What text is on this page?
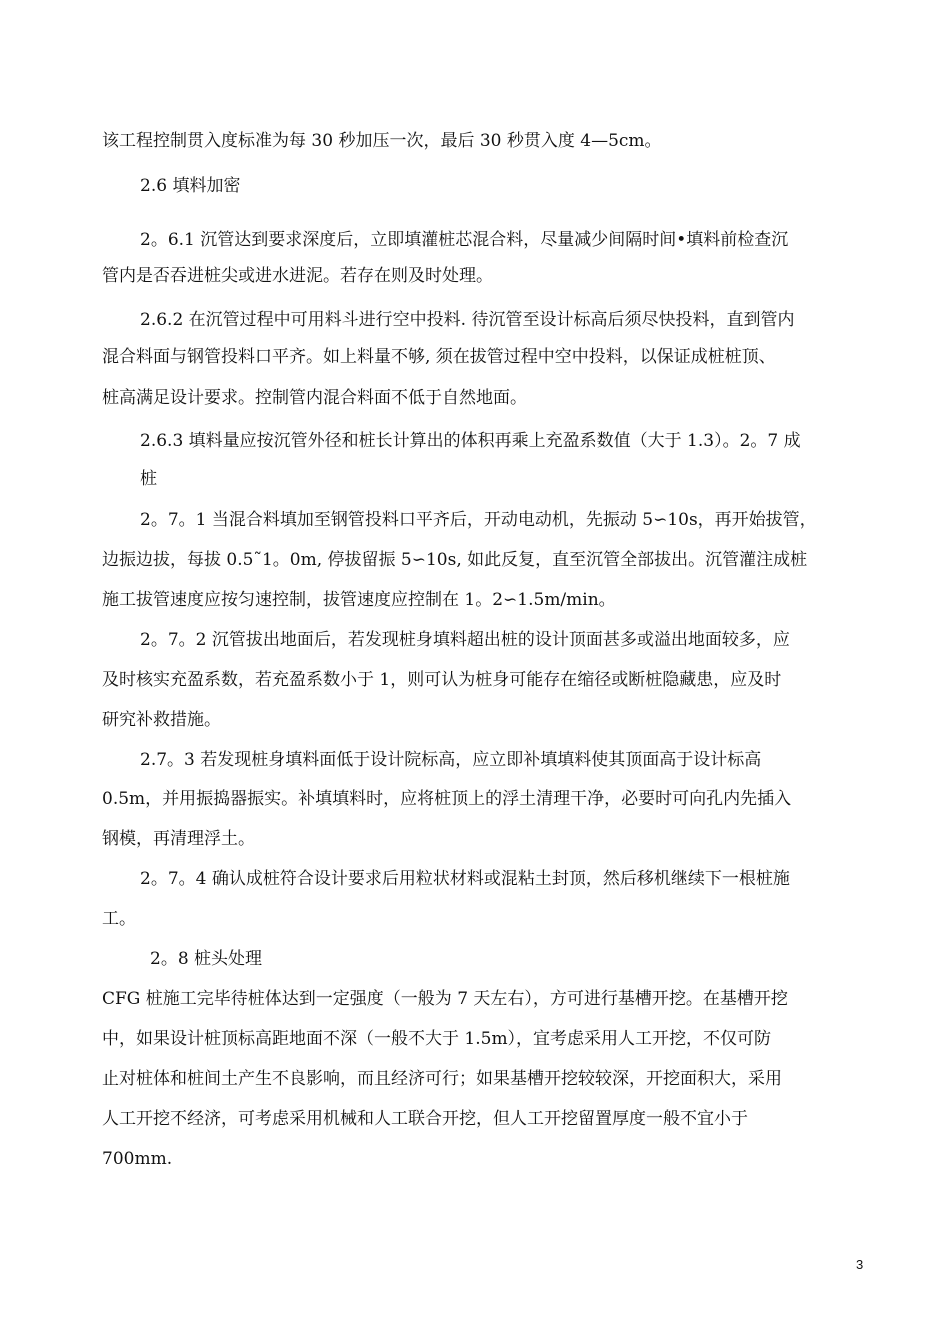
该工程控制贯入度标准为每 30 秒加压一次，最后 30 秒贯入度 4—5cm。

2.6 填料加密

2。6.1 沉管达到要求深度后，立即填灌桩芯混合料，尽量减少间隔时间•填料前检查沉

管内是否吞进桩尖或进水进泥。若存在则及时处理。

2.6.2 在沉管过程中可用料斗进行空中投料. 待沉管至设计标高后须尽快投料，直到管内

混合料面与钢管投料口平齐。如上料量不够, 须在拔管过程中空中投料，以保证成桩桩顶、

桩高满足设计要求。控制管内混合料面不低于自然地面。

2.6.3 填料量应按沉管外径和桩长计算出的体积再乘上充盈系数值（大于 1.3）。2。7 成

桩

2。7。1 当混合料填加至钢管投料口平齐后，开动电动机，先振动 5∽10s，再开始拔管，

边振边拔，每拔 0.5˜1。0m, 停拔留振 5∽10s, 如此反复，直至沉管全部拔出。沉管灌注成桩

施工拔管速度应按匀速控制，拔管速度应控制在 1。2∽1.5m/min。

2。7。2 沉管拔出地面后，若发现桩身填料超出桩的设计顶面甚多或溢出地面较多，应

及时核实充盈系数，若充盈系数小于 1，则可认为桩身可能存在缩径或断桩隐藏患，应及时

研究补救措施。

2.7。3 若发现桩身填料面低于设计院标高，应立即补填填料使其顶面高于设计标高

0.5m，并用振捣器振实。补填填料时，应将桩顶上的浮土清理干净，必要时可向孔内先插入

钢模，再清理浮土。

2。7。4 确认成桩符合设计要求后用粒状材料或混粘土封顶，然后移机继续下一根桩施

工。

2。8 桩头处理

CFG 桩施工完毕待桩体达到一定强度（一般为 7 天左右），方可进行基槽开挖。在基槽开挖

中，如果设计桩顶标高距地面不深（一般不大于 1.5m），宜考虑采用人工开挖，不仅可防

止对桩体和桩间土产生不良影响，而且经济可行；如果基槽开挖较较深，开挖面积大，采用

人工开挖不经济，可考虑采用机械和人工联合开挖，但人工开挖留置厚度一般不宜小于

700mm.

3
